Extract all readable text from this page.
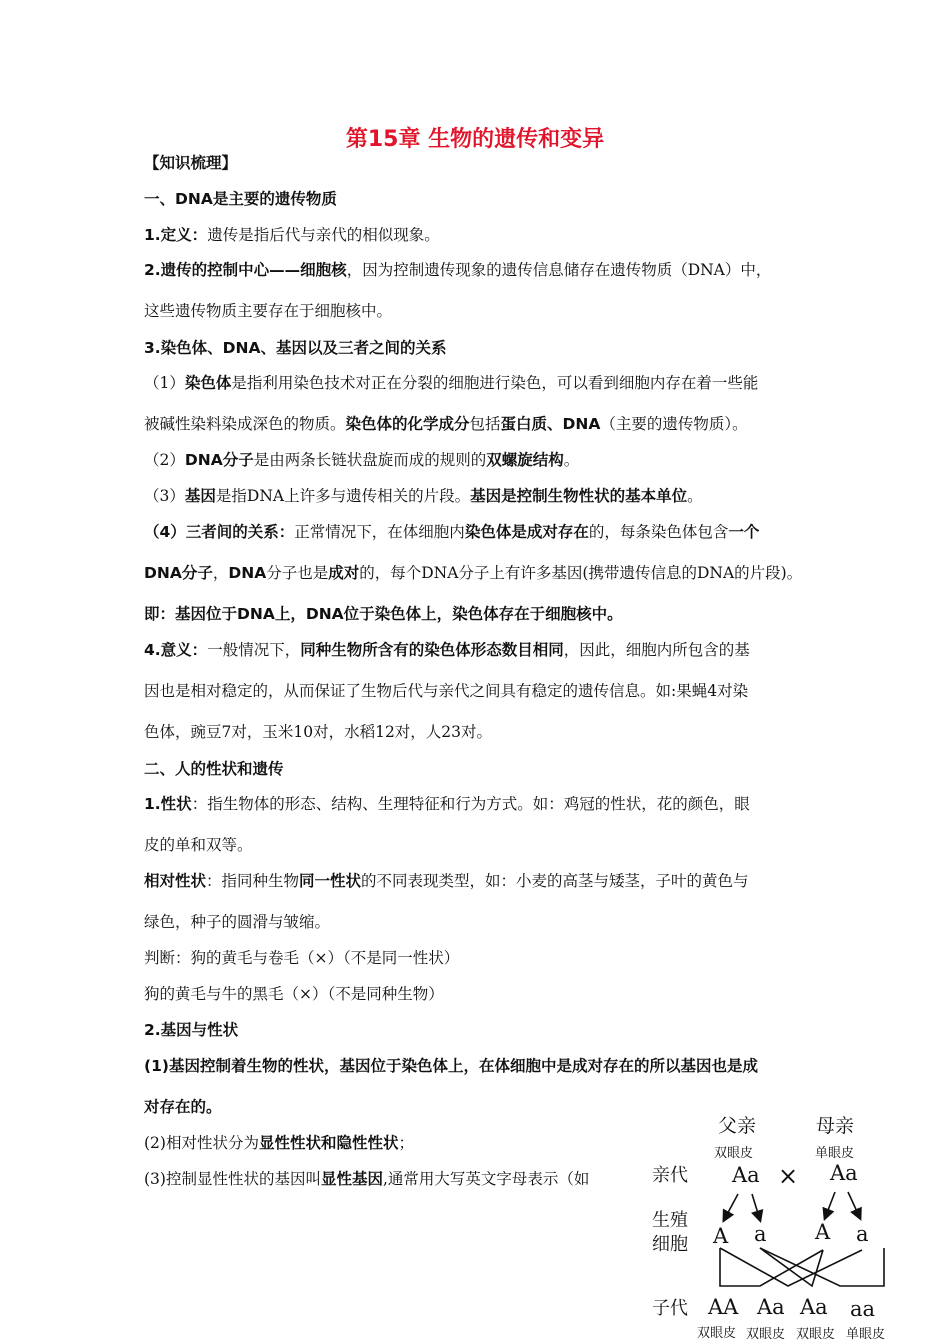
第15章 生物的遗传和变异
【知识梳理】
一、DNA是主要的遗传物质
1.定义：遗传是指后代与亲代的相似现象。
2.遗传的控制中心——细胞核，因为控制遗传现象的遗传信息储存在遗传物质（DNA）中，
这些遗传物质主要存在于细胞核中。
3.染色体、DNA、基因以及三者之间的关系
（1）染色体是指利用染色技术对正在分裂的细胞进行染色，可以看到细胞内存在着一些能
被碱性染料染成深色的物质。染色体的化学成分包括蛋白质、DNA（主要的遗传物质）。
（2）DNA分子是由两条长链状盘旋而成的规则的双螺旋结构。
（3）基因是指DNA上许多与遗传相关的片段。基因是控制生物性状的基本单位。
（4）三者间的关系：正常情况下，在体细胞内染色体是成对存在的，每条染色体包含一个
DNA分子，DNA分子也是成对的，每个DNA分子上有许多基因(携带遗传信息的DNA的片段)。
即：基因位于DNA上，DNA位于染色体上，染色体存在于细胞核中。
4.意义：一般情况下，同种生物所含有的染色体形态数目相同，因此，细胞内所包含的基
因也是相对稳定的，从而保证了生物后代与亲代之间具有稳定的遗传信息。如:果蝇4对染
色体，豌豆7对，玉米10对，水稻12对，人23对。
二、人的性状和遗传
1.性状：指生物体的形态、结构、生理特征和行为方式。如：鸡冠的性状，花的颜色，眼
皮的单和双等。
相对性状：指同种生物同一性状的不同表现类型，如：小麦的高茎与矮茎，子叶的黄色与
绿色，种子的圆滑与皱缩。
判断：狗的黄毛与卷毛（×）（不是同一性状）
狗的黄毛与牛的黑毛（×）（不是同种生物）
2.基因与性状
(1)基因控制着生物的性状，基因位于染色体上，在体细胞中是成对存在的所以基因也是成
对存在的。
(2)相对性状分为显性性状和隐性性状；
(3)控制显性性状的基因叫显性基因,通常用大写英文字母表示（如
父亲	母亲
双眼皮	单眼皮
亲代 Aa × Aa
生殖
细胞 A a A a
子代 AA Aa Aa aa
双眼皮 双眼皮 双眼皮 单眼皮
